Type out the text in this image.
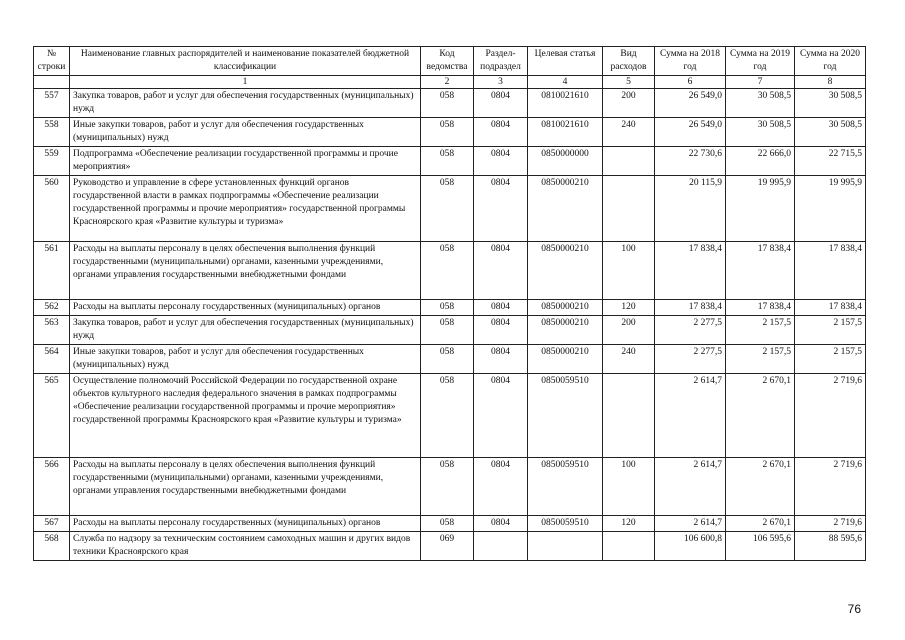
№ строки	Наименование главных распорядителей и наименование показателей бюджетной классификации	Код ведомства	Раздел-подраздел	Целевая статья	Вид расходов	Сумма на 2018 год	Сумма на 2019 год	Сумма на 2020 год
	1	2	3	4	5	6	7	8
557	Закупка товаров, работ и услуг для обеспечения государственных (муниципальных) нужд	058	0804	0810021610	200	26 549,0	30 508,5	30 508,5
558	Иные закупки товаров, работ и услуг для обеспечения государственных (муниципальных) нужд	058	0804	0810021610	240	26 549,0	30 508,5	30 508,5
559	Подпрограмма «Обеспечение реализации государственной программы и прочие мероприятия»	058	0804	0850000000		22 730,6	22 666,0	22 715,5
560	Руководство и управление в сфере установленных функций органов государственной власти в рамках подпрограммы «Обеспечение реализации государственной программы и прочие мероприятия» государственной программы Красноярского края «Развитие культуры и туризма»	058	0804	0850000210		20 115,9	19 995,9	19 995,9
561	Расходы на выплаты персоналу в целях обеспечения выполнения функций государственными (муниципальными) органами, казенными учреждениями, органами управления государственными внебюджетными фондами	058	0804	0850000210	100	17 838,4	17 838,4	17 838,4
562	Расходы на выплаты персоналу государственных (муниципальных) органов	058	0804	0850000210	120	17 838,4	17 838,4	17 838,4
563	Закупка товаров, работ и услуг для обеспечения государственных (муниципальных) нужд	058	0804	0850000210	200	2 277,5	2 157,5	2 157,5
564	Иные закупки товаров, работ и услуг для обеспечения государственных (муниципальных) нужд	058	0804	0850000210	240	2 277,5	2 157,5	2 157,5
565	Осуществление полномочий Российской Федерации по государственной охране объектов культурного наследия федерального значения в рамках подпрограммы «Обеспечение реализации государственной программы и прочие мероприятия» государственной программы Красноярского края «Развитие культуры и туризма»	058	0804	0850059510		2 614,7	2 670,1	2 719,6
566	Расходы на выплаты персоналу в целях обеспечения выполнения функций государственными (муниципальными) органами, казенными учреждениями, органами управления государственными внебюджетными фондами	058	0804	0850059510	100	2 614,7	2 670,1	2 719,6
567	Расходы на выплаты персоналу государственных (муниципальных) органов	058	0804	0850059510	120	2 614,7	2 670,1	2 719,6
568	Служба по надзору за техническим состоянием самоходных машин и других видов техники Красноярского края	069				106 600,8	106 595,6	88 595,6
76
